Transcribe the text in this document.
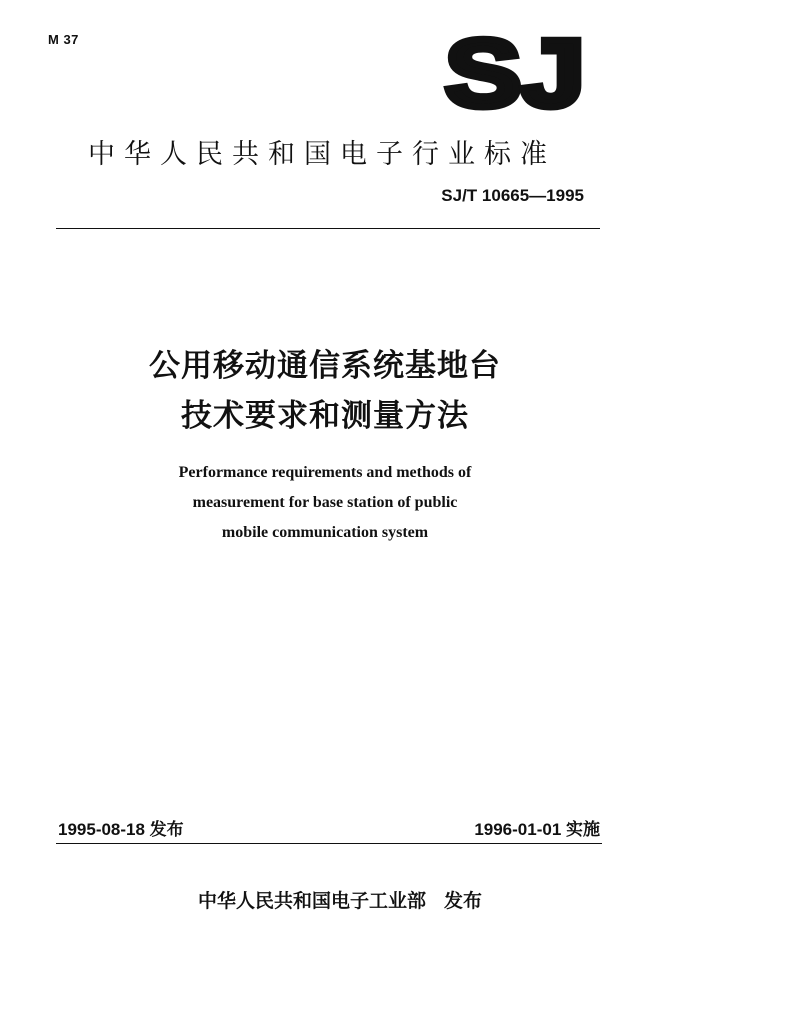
M 37	SJ
中华人民共和国电子行业标准
SJ/T 10665—1995
公用移动通信系统基地台
技术要求和测量方法
Performance requirements and methods of
measurement for base station of public
mobile communication system
1995-08-18 发布	1996-01-01 实施
中华人民共和国电子工业部 发布
